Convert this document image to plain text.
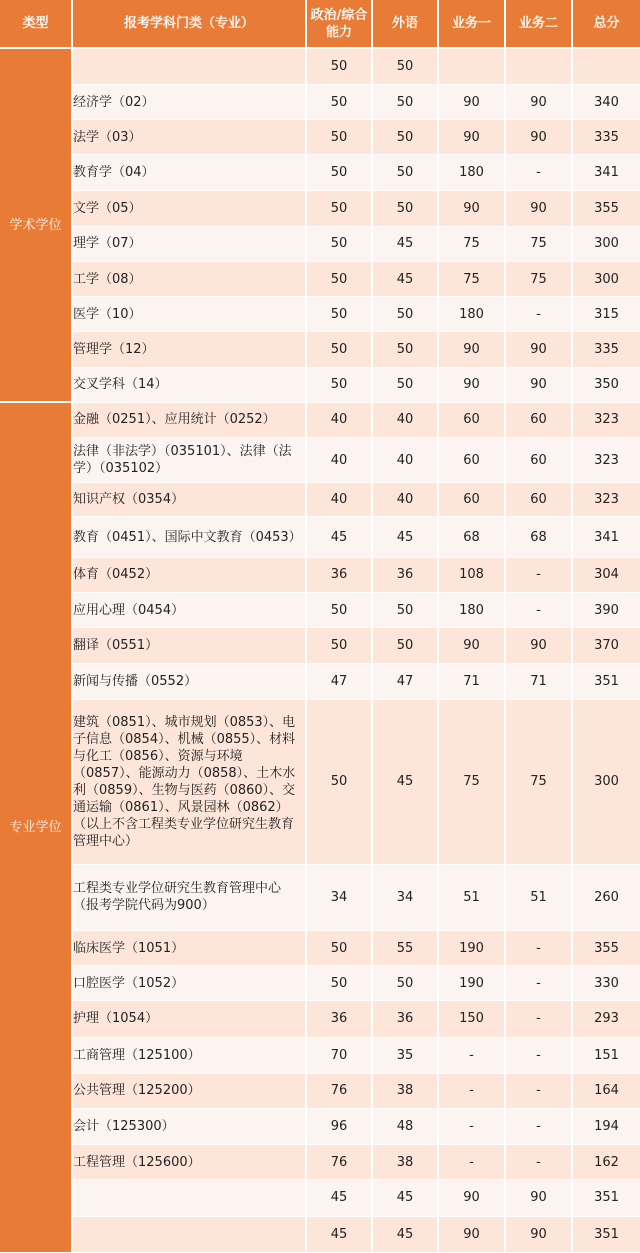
类型	报考学科门类（专业）	政治/综合能力	外语	业务一	业务二	总分
学术学位		50	50			
	经济学（02）	50	50	90	90	340
	法学（03）	50	50	90	90	335
	教育学（04）	50	50	180	-	341
	文学（05）	50	50	90	90	355
	理学（07）	50	45	75	75	300
	工学（08）	50	45	75	75	300
	医学（10）	50	50	180	-	315
	管理学（12）	50	50	90	90	335
	交叉学科（14）	50	50	90	90	350
专业学位	金融（0251）、应用统计（0252）	40	40	60	60	323
	法律（非法学）（035101）、法律（法学）（035102）	40	40	60	60	323
	知识产权（0354）	40	40	60	60	323
	教育（0451）、国际中文教育（0453）	45	45	68	68	341
	体育（0452）	36	36	108	-	304
	应用心理（0454）	50	50	180	-	390
	翻译（0551）	50	50	90	90	370
	新闻与传播（0552）	47	47	71	71	351
	建筑（0851）、城市规划（0853）、电子信息（0854）、机械（0855）、材料与化工（0856）、资源与环境（0857）、能源动力（0858）、土木水利（0859）、生物与医药（0860）、交通运输（0861）、风景园林（0862）（以上不含工程类专业学位研究生教育管理中心）	50	45	75	75	300
	工程类专业学位研究生教育管理中心（报考学院代码为900）	34	34	51	51	260
	临床医学（1051）	50	55	190	-	355
	口腔医学（1052）	50	50	190	-	330
	护理（1054）	36	36	150	-	293
	工商管理（125100）	70	35	-	-	151
	公共管理（125200）	76	38	-	-	164
	会计（125300）	96	48	-	-	194
	工程管理（125600）	76	38	-	-	162
		45	45	90	90	351
		45	45	90	90	351
